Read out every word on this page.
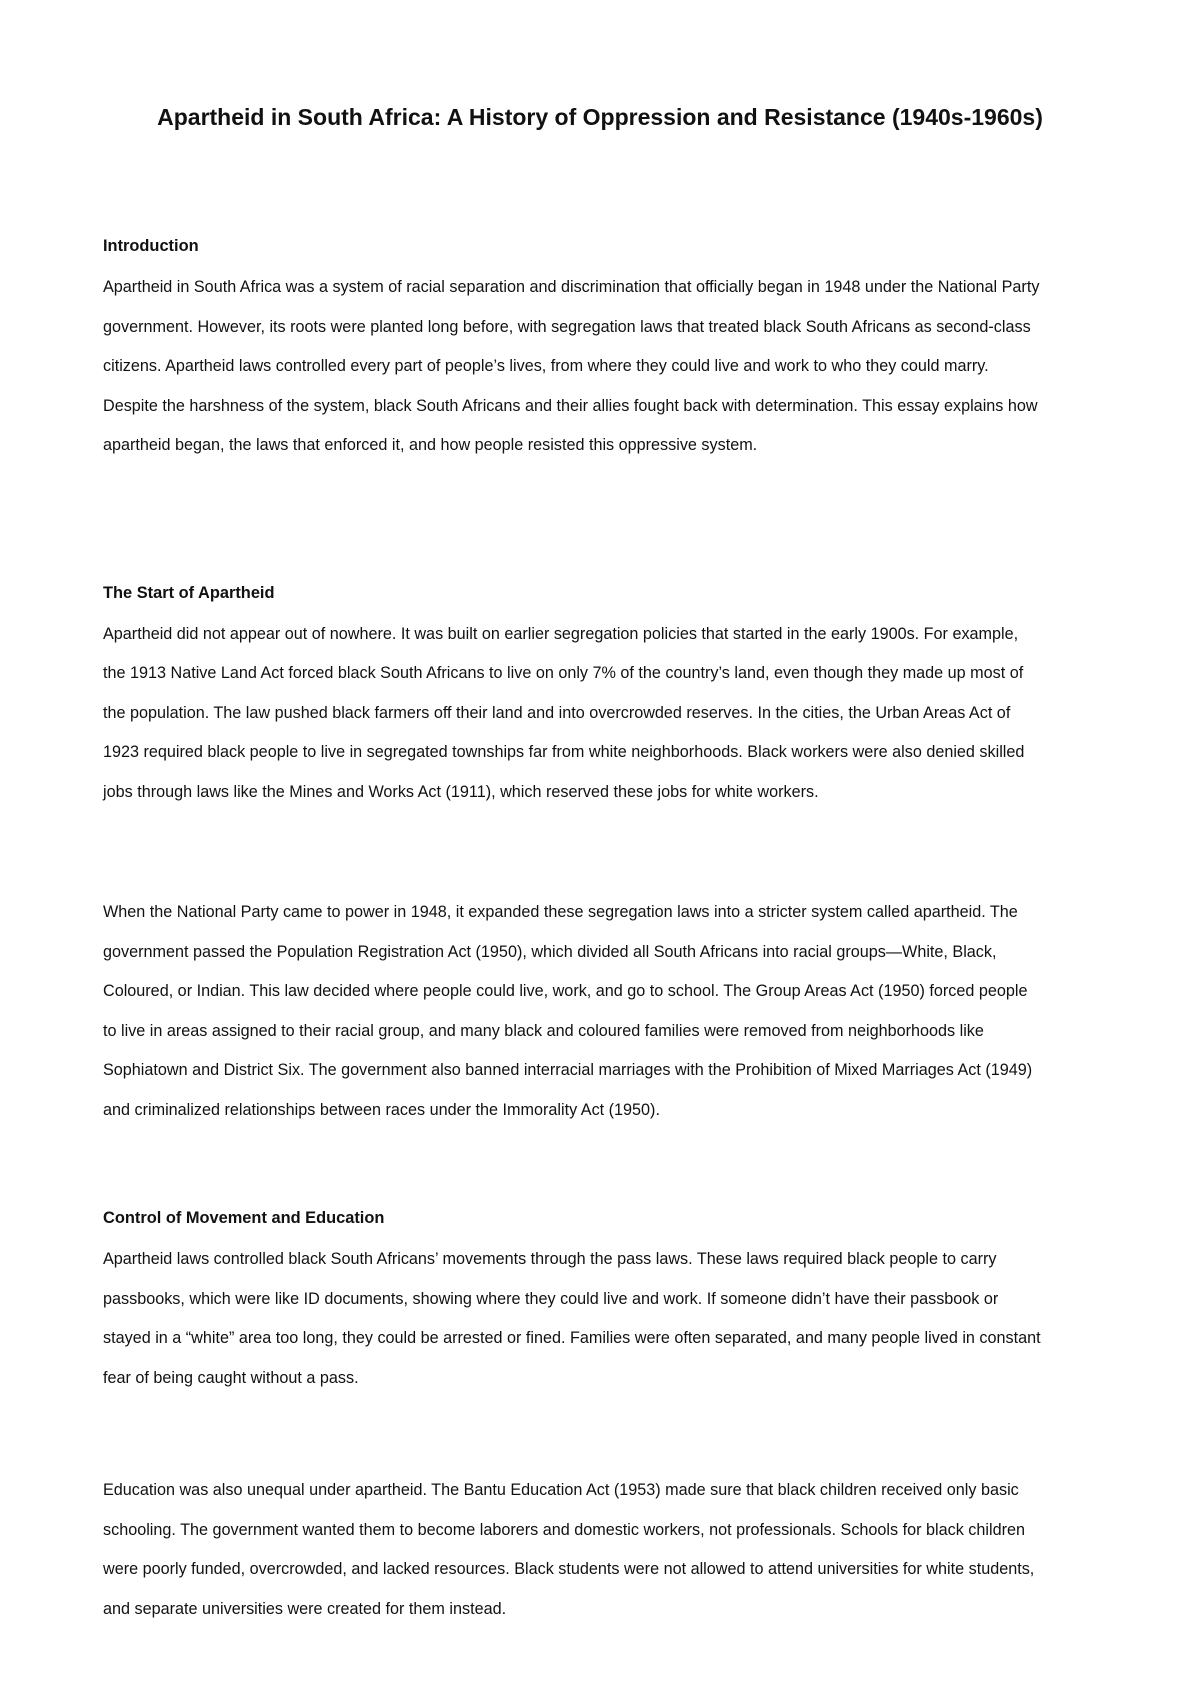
Apartheid in South Africa: A History of Oppression and Resistance (1940s-1960s)
Introduction

Apartheid in South Africa was a system of racial separation and discrimination that officially began in 1948 under the National Party
government. However, its roots were planted long before, with segregation laws that treated black South Africans as second-class
citizens. Apartheid laws controlled every part of people’s lives, from where they could live and work to who they could marry.
Despite the harshness of the system, black South Africans and their allies fought back with determination. This essay explains how
apartheid began, the laws that enforced it, and how people resisted this oppressive system.

The Start of Apartheid

Apartheid did not appear out of nowhere. It was built on earlier segregation policies that started in the early 1900s. For example,
the 1913 Native Land Act forced black South Africans to live on only 7% of the country’s land, even though they made up most of
the population. The law pushed black farmers off their land and into overcrowded reserves. In the cities, the Urban Areas Act of
1923 required black people to live in segregated townships far from white neighborhoods. Black workers were also denied skilled
jobs through laws like the Mines and Works Act (1911), which reserved these jobs for white workers.

When the National Party came to power in 1948, it expanded these segregation laws into a stricter system called apartheid. The
government passed the Population Registration Act (1950), which divided all South Africans into racial groups—White, Black,
Coloured, or Indian. This law decided where people could live, work, and go to school. The Group Areas Act (1950) forced people
to live in areas assigned to their racial group, and many black and coloured families were removed from neighborhoods like
Sophiatown and District Six. The government also banned interracial marriages with the Prohibition of Mixed Marriages Act (1949)
and criminalized relationships between races under the Immorality Act (1950).

Control of Movement and Education

Apartheid laws controlled black South Africans’ movements through the pass laws. These laws required black people to carry
passbooks, which were like ID documents, showing where they could live and work. If someone didn’t have their passbook or
stayed in a “white” area too long, they could be arrested or fined. Families were often separated, and many people lived in constant
fear of being caught without a pass.

Education was also unequal under apartheid. The Bantu Education Act (1953) made sure that black children received only basic
schooling. The government wanted them to become laborers and domestic workers, not professionals. Schools for black children
were poorly funded, overcrowded, and lacked resources. Black students were not allowed to attend universities for white students,
and separate universities were created for them instead.
